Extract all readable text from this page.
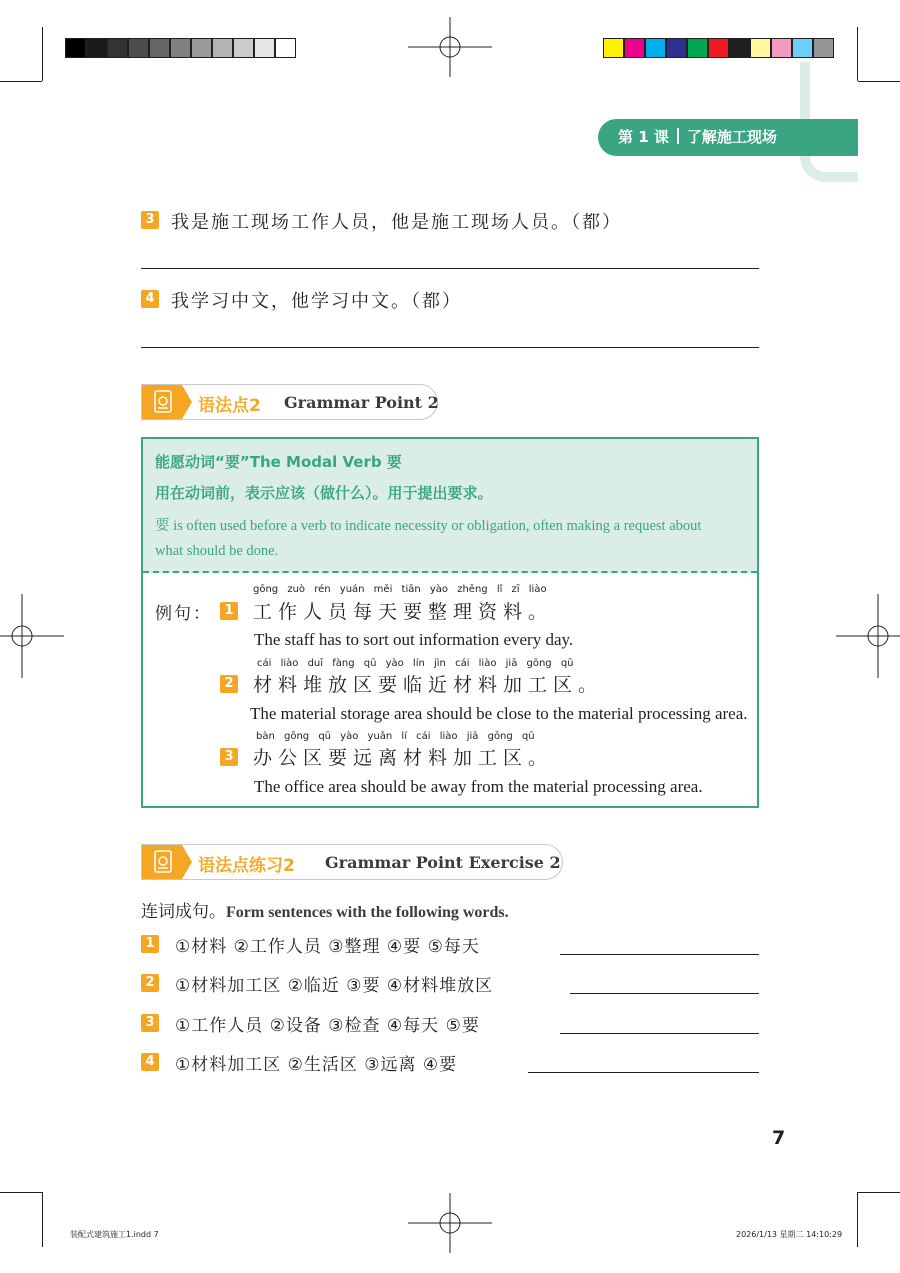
第 1 课 了解施工现场
3 我是施工现场工作人员，他是施工现场人员。（都）
4 我学习中文，他学习中文。（都）
语法点2 Grammar Point 2
能愿动词“要”The Modal Verb 要
用在动词前，表示应该（做什么）。用于提出要求。
要 is often used before a verb to indicate necessity or obligation, often making a request about
what should be done.
例句： 1
gōng zuò rén yuán měi tiān yào zhěng lǐ zī liào
工作人员每天要整理资料。
The staff has to sort out information every day.
2
cái liào duī fàng qū yào lín jìn cái liào jiā gōng qū
材料堆放区要临近材料加工区。
The material storage area should be close to the material processing area.
3
bàn gōng qū yào yuǎn lí cái liào jiā gōng qū
办公区要远离材料加工区。
The office area should be away from the material processing area.
语法点练习2 Grammar Point Exercise 2
连词成句。Form sentences with the following words.
1 ①材料 ②工作人员 ③整理 ④要 ⑤每天
2 ①材料加工区 ②临近 ③要 ④材料堆放区
3 ①工作人员 ②设备 ③检查 ④每天 ⑤要
4 ①材料加工区 ②生活区 ③远离 ④要
7
装配式建筑施工1.indd 7	2026/1/13 星期二 14:10:29
